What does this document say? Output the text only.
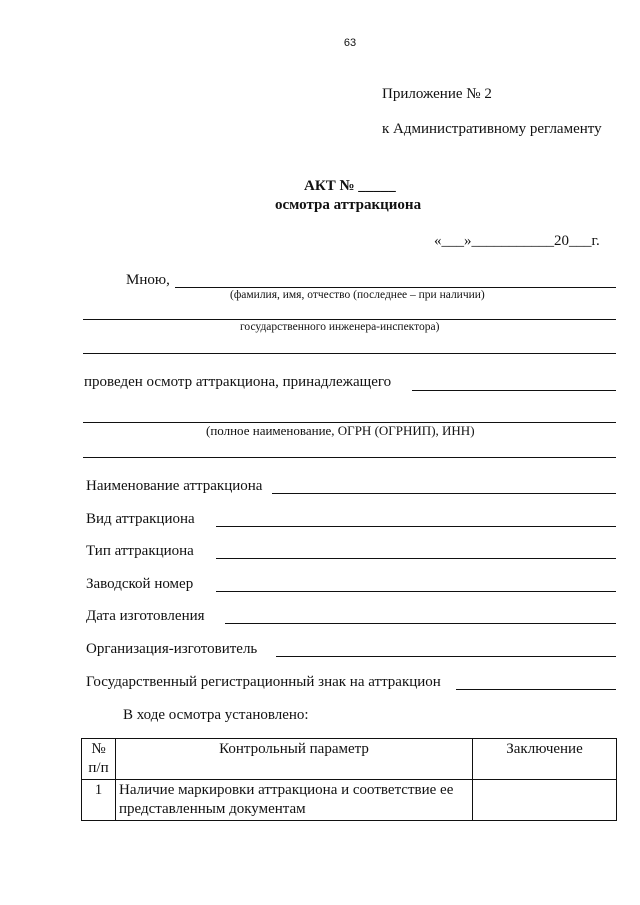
63
Приложение № 2
к Административному регламенту
АКТ № _____
осмотра аттракциона
«___»___________20___г.
Мною,
(фамилия, имя, отчество (последнее – при наличии)
государственного инженера-инспектора)
проведен осмотр аттракциона, принадлежащего
(полное наименование, ОГРН (ОГРНИП), ИНН)
Наименование аттракциона
Вид аттракциона
Тип аттракциона
Заводской номер
Дата изготовления
Организация-изготовитель
Государственный регистрационный знак на аттракцион
В ходе осмотра установлено:
№
п/п	Контрольный параметр	Заключение
1	Наличие маркировки аттракциона и соответствие ее
представленным документам	
